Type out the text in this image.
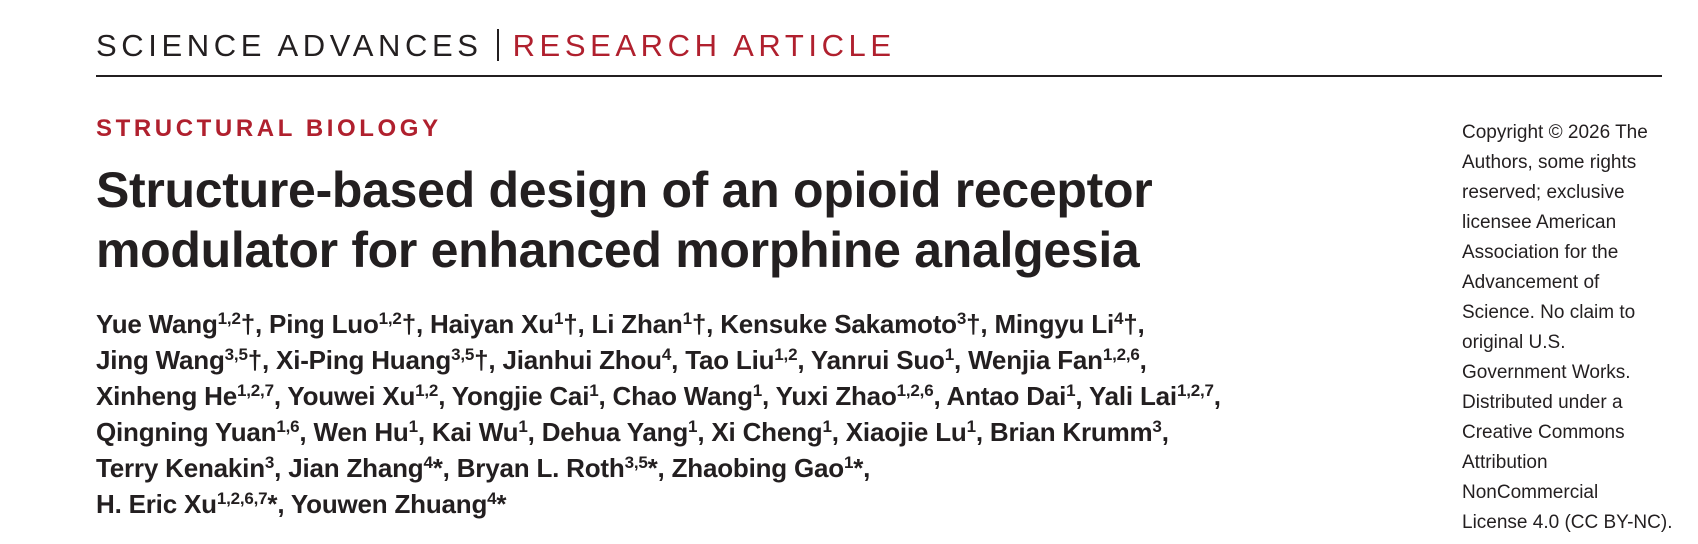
SCIENCE ADVANCES RESEARCH ARTICLE
STRUCTURAL BIOLOGY
Structure-based design of an opioid receptor
modulator for enhanced morphine analgesia
Yue Wang$^{1,2}$†, Ping Luo$^{1,2}$†, Haiyan Xu$^1$†, Li Zhan$^1$†, Kensuke Sakamoto$^3$†, Mingyu Li$^4$†,
Jing Wang$^{3,5}$†, Xi-Ping Huang$^{3,5}$†, Jianhui Zhou$^4$, Tao Liu$^{1,2}$, Yanrui Suo$^1$, Wenjia Fan$^{1,2,6}$,
Xinheng He$^{1,2,7}$, Youwei Xu$^{1,2}$, Yongjie Cai$^1$, Chao Wang$^1$, Yuxi Zhao$^{1,2,6}$, Antao Dai$^1$, Yali Lai$^{1,2,7}$,
Qingning Yuan$^{1,6}$, Wen Hu$^1$, Kai Wu$^1$, Dehua Yang$^1$, Xi Cheng$^1$, Xiaojie Lu$^1$, Brian Krumm$^3$,
Terry Kenakin$^3$, Jian Zhang$^4$*, Bryan L. Roth$^{3,5}$*, Zhaobing Gao$^1$*,
H. Eric Xu$^{1,2,6,7}$*, Youwen Zhuang$^4$*
Copyright © 2026 The
Authors, some rights
reserved; exclusive
licensee American
Association for the
Advancement of
Science. No claim to
original U.S.
Government Works.
Distributed under a
Creative Commons
Attribution
NonCommercial
License 4.0 (CC BY-NC).
